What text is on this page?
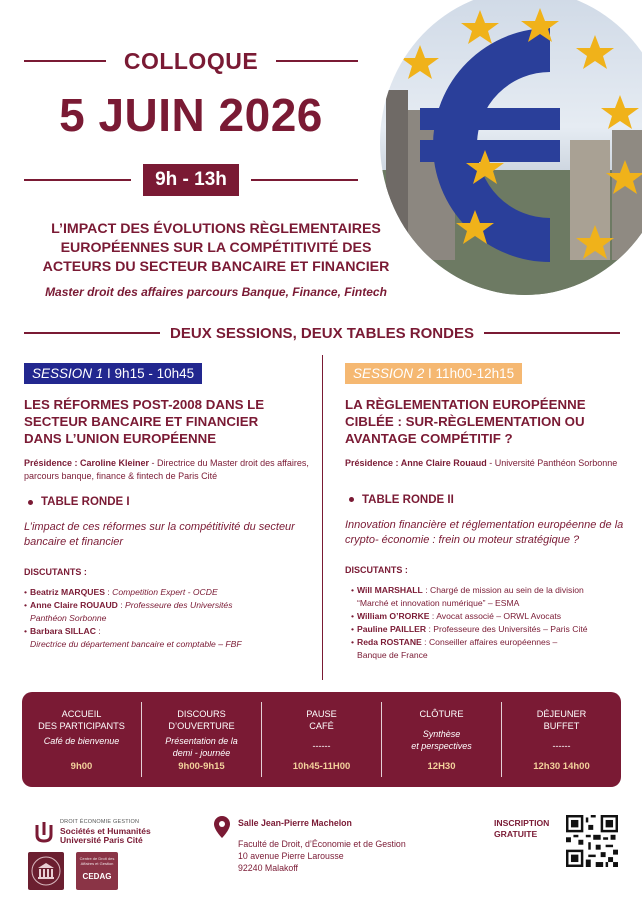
COLLOQUE
5 JUIN 2026
9h - 13h
L’IMPACT DES ÉVOLUTIONS RÈGLEMENTAIRES
EUROPÉENNES SUR LA COMPÉTITIVITÉ DES
ACTEURS DU SECTEUR BANCAIRE ET FINANCIER
Master droit des affaires parcours Banque, Finance, Fintech
DEUX SESSIONS, DEUX TABLES RONDES
SESSION 1 I 9h15 - 10h45
LES RÉFORMES POST-2008 DANS LE
SECTEUR BANCAIRE ET FINANCIER
DANS L’UNION EUROPÉENNE
Présidence : Caroline Kleiner - Directrice du Master droit des affaires, parcours banque, finance & fintech de Paris Cité
TABLE RONDE I
L’impact de ces réformes sur la compétitivité du secteur bancaire et financier
DISCUTANTS :
• Beatriz MARQUES : Competition Expert - OCDE
• Anne Claire ROUAUD : Professeure des Universités
Panthéon Sorbonne
• Barbara SILLAC :
Directrice du département bancaire et comptable – FBF
SESSION 2 I 11h00-12h15
LA RÈGLEMENTATION EUROPÉENNE
CIBLÉE : SUR-RÈGLEMENTATION OU
AVANTAGE COMPÉTITIF ?
Présidence : Anne Claire Rouaud - Université Panthéon Sorbonne
TABLE RONDE II
Innovation financière et réglementation européenne de la crypto- économie : frein ou moteur stratégique ?
DISCUTANTS :
• Will MARSHALL : Chargé de mission au sein de la division
“Marché et innovation numérique” – ESMA
• William O’RORKE : Avocat associé – ORWL Avocats
• Pauline PAILLER : Professeure des Universités – Paris Cité
• Reda ROSTANE : Conseiller affaires européennes –
Banque de France
ACCUEIL
DES PARTICIPANTS
Café de bienvenue
9h00
DISCOURS
D’OUVERTURE
Présentation de la
demi - journée
9h00-9h15
PAUSE
CAFÉ
------
10h45-11H00
CLÔTURE
Synthèse
et perspectives
12H30
DÉJEUNER
BUFFET
------
12h30 14h00
DROIT ÉCONOMIE GESTION
Sociétés et Humanités
Université Paris Cité
Centre de Droit des Affaires et Gestion
CEDAG
Salle Jean-Pierre Machelon
Faculté de Droit, d’Économie et de Gestion
10 avenue Pierre Larousse
92240 Malakoff
INSCRIPTION
GRATUITE
